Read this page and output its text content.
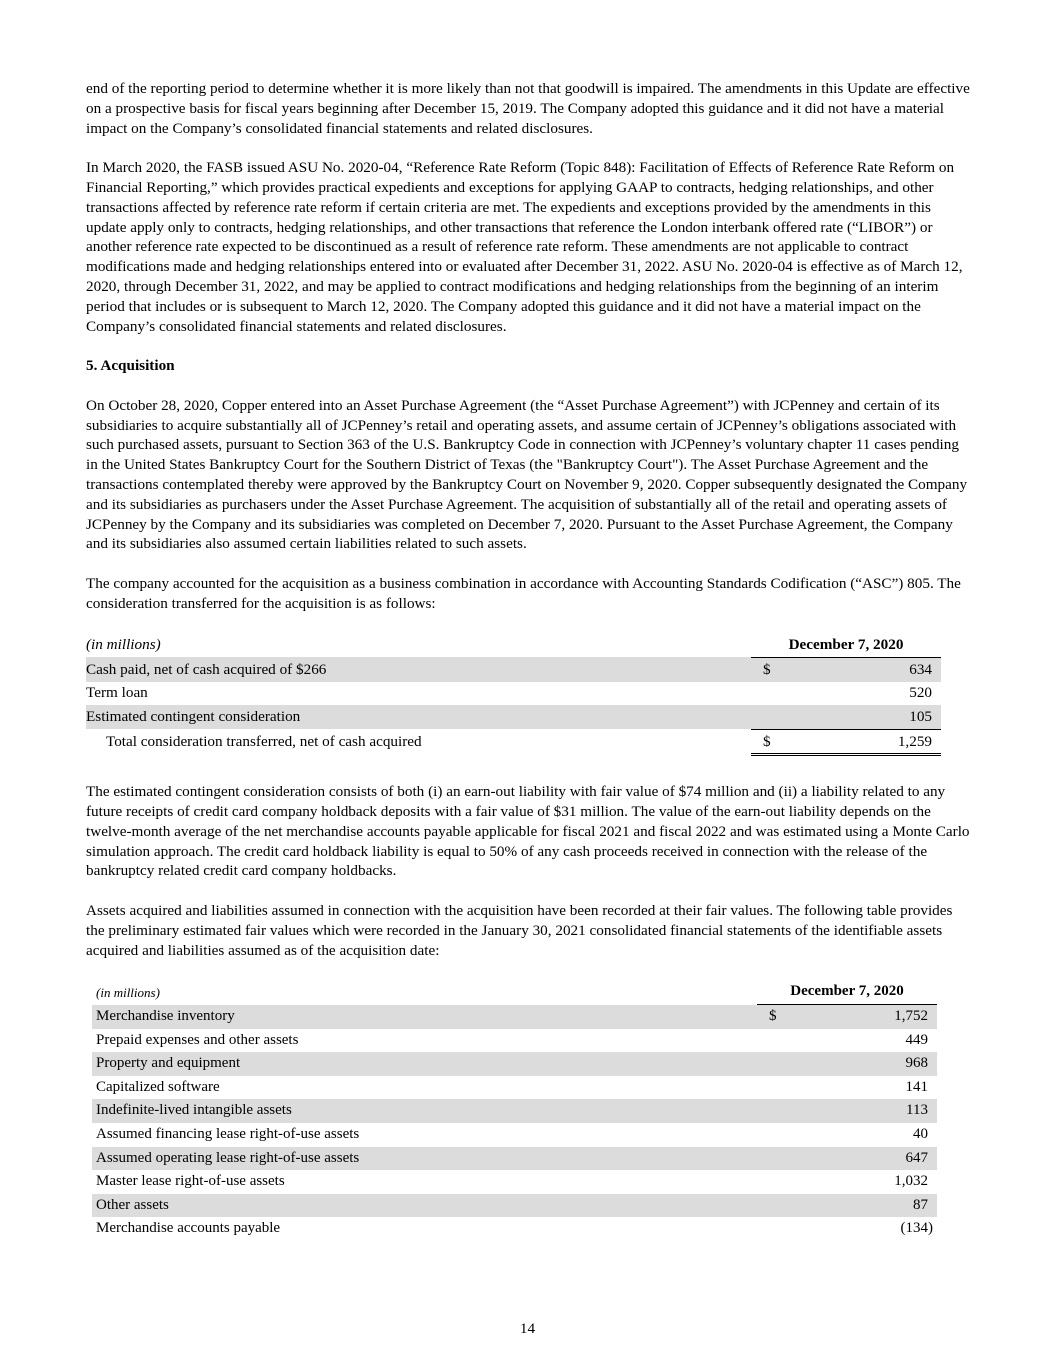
end of the reporting period to determine whether it is more likely than not that goodwill is impaired. The amendments in this Update are effective on a prospective basis for fiscal years beginning after December 15, 2019. The Company adopted this guidance and it did not have a material impact on the Company’s consolidated financial statements and related disclosures.

In March 2020, the FASB issued ASU No. 2020-04, “Reference Rate Reform (Topic 848): Facilitation of Effects of Reference Rate Reform on Financial Reporting,” which provides practical expedients and exceptions for applying GAAP to contracts, hedging relationships, and other transactions affected by reference rate reform if certain criteria are met. The expedients and exceptions provided by the amendments in this update apply only to contracts, hedging relationships, and other transactions that reference the London interbank offered rate (“LIBOR”) or another reference rate expected to be discontinued as a result of reference rate reform. These amendments are not applicable to contract modifications made and hedging relationships entered into or evaluated after December 31, 2022. ASU No. 2020-04 is effective as of March 12, 2020, through December 31, 2022, and may be applied to contract modifications and hedging relationships from the beginning of an interim period that includes or is subsequent to March 12, 2020. The Company adopted this guidance and it did not have a material impact on the Company’s consolidated financial statements and related disclosures.

5. Acquisition

On October 28, 2020, Copper entered into an Asset Purchase Agreement (the “Asset Purchase Agreement”) with JCPenney and certain of its subsidiaries to acquire substantially all of JCPenney’s retail and operating assets, and assume certain of JCPenney’s obligations associated with such purchased assets, pursuant to Section 363 of the U.S. Bankruptcy Code in connection with JCPenney’s voluntary chapter 11 cases pending in the United States Bankruptcy Court for the Southern District of Texas (the "Bankruptcy Court"). The Asset Purchase Agreement and the transactions contemplated thereby were approved by the Bankruptcy Court on November 9, 2020. Copper subsequently designated the Company and its subsidiaries as purchasers under the Asset Purchase Agreement. The acquisition of substantially all of the retail and operating assets of JCPenney by the Company and its subsidiaries was completed on December 7, 2020. Pursuant to the Asset Purchase Agreement, the Company and its subsidiaries also assumed certain liabilities related to such assets.

The company accounted for the acquisition as a business combination in accordance with Accounting Standards Codification (“ASC”) 805. The consideration transferred for the acquisition is as follows:

(in millions)	December 7, 2020	
Cash paid, net of cash acquired of $266	$	634
Term loan		520
Estimated contingent consideration		105
Total consideration transferred, net of cash acquired	$	1,259

The estimated contingent consideration consists of both (i) an earn-out liability with fair value of $74 million and (ii) a liability related to any future receipts of credit card company holdback deposits with a fair value of $31 million. The value of the earn-out liability depends on the twelve-month average of the net merchandise accounts payable applicable for fiscal 2021 and fiscal 2022 and was estimated using a Monte Carlo simulation approach. The credit card holdback liability is equal to 50% of any cash proceeds received in connection with the release of the bankruptcy related credit card company holdbacks.

Assets acquired and liabilities assumed in connection with the acquisition have been recorded at their fair values. The following table provides the preliminary estimated fair values which were recorded in the January 30, 2021 consolidated financial statements of the identifiable assets acquired and liabilities assumed as of the acquisition date:

(in millions)	December 7, 2020	
Merchandise inventory	$	1,752
Prepaid expenses and other assets		449
Property and equipment		968
Capitalized software		141
Indefinite-lived intangible assets		113
Assumed financing lease right-of-use assets		40
Assumed operating lease right-of-use assets		647
Master lease right-of-use assets		1,032
Other assets		87
Merchandise accounts payable		(134)
14
